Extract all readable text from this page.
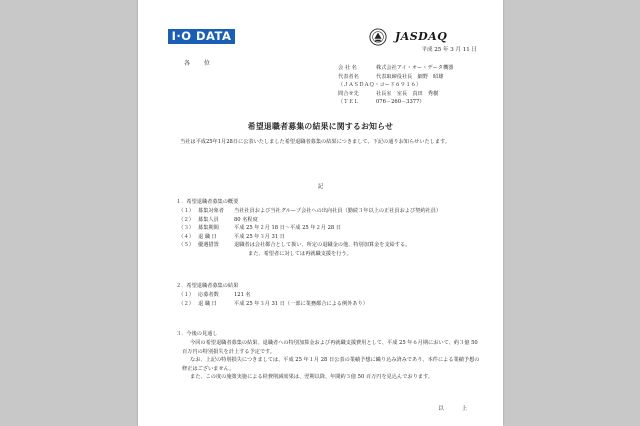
I·O DATA	JASDAQ
平成 25 年 3 月 11 日
各 位
会 社 名	株式会社アイ・オー・データ機器
代表者名	代表取締役社長　細野　昭雄
（ＪＡＳＤＡＱ・コード６９１６）
問合せ先	社長室　室長　真田　秀樹
（ＴＥＬ	076－260－3377）
希望退職者募集の結果に関するお知らせ
当社は平成25年1月28日に公表いたしました希望退職者募集の結果につきまして、下記の通りお知らせいたします。
記
１．希望退職者募集の概要
（１） 募集対象者	当社社員および当社グループ会社への出向社員（勤続３年以上の正社員および契約社員）
（２） 募集人員	80 名程度
（３） 募集期間	平成 25 年２月 18 日～平成 25 年２月 28 日
（４） 退 職 日	平成 25 年３月 31 日
（５） 優遇措置	退職者は会社都合として扱い、所定の退職金の他、特別加算金を支給する。
また、希望者に対しては再就職支援を行う。
２．希望退職者募集の結果
（１） 応募者数	121 名
（２） 退 職 日	平成 25 年３月 31 日（一部に業務都合による例外あり）
３．今後の見通し
今回の希望退職者募集の結果、退職者への特別加算金および再就職支援費用として、平成 25 年６月期において、約３億 50 百万円の特別損失を計上する予定です。
なお、上記の特別損失につきましては、平成 25 年１月 28 日公表の業績予想に織り込み済みであり、本件による業績予想の修正はございません。
また、この度の施策実施による経費削減効果は、翌期以降、年間約３億 50 百万円を見込んでおります。
以 上
